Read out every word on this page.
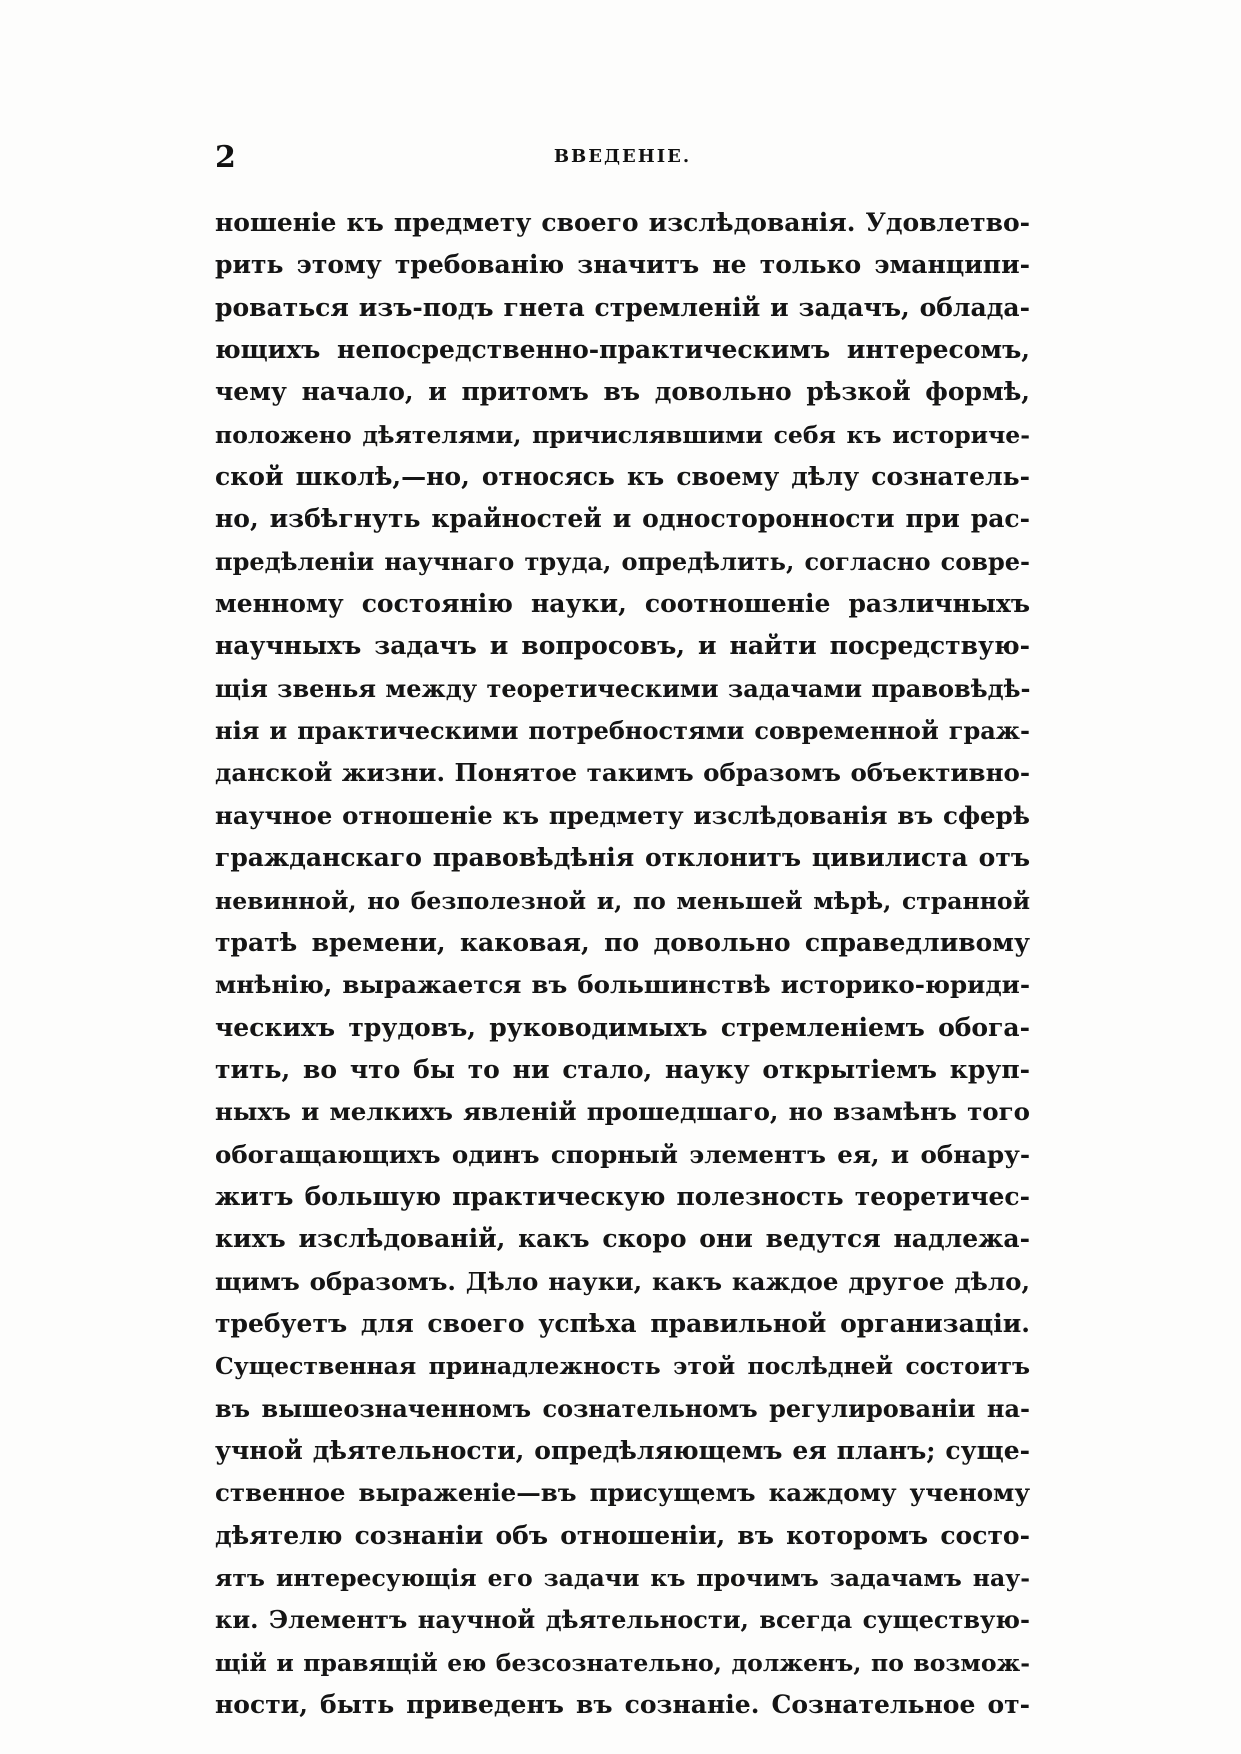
2	ВВЕДЕНІЕ.
ношеніе къ предмету своего изслѣдованія. Удовлетво-
рить этому требованію значитъ не только эманципи-
роваться изъ-подъ гнета стремленій и задачъ, облада-
ющихъ непосредственно-практическимъ интересомъ,
чему начало, и притомъ въ довольно рѣзкой формѣ,
положено дѣятелями, причислявшими себя къ историче-
ской школѣ,—но, относясь къ своему дѣлу сознатель-
но, избѣгнуть крайностей и односторонности при рас-
предѣленіи научнаго труда, опредѣлить, согласно совре-
менному состоянію науки, соотношеніе различныхъ
научныхъ задачъ и вопросовъ, и найти посредствую-
щія звенья между теоретическими задачами правовѣдѣ-
нія и практическими потребностями современной граж-
данской жизни. Понятое такимъ образомъ объективно-
научное отношеніе къ предмету изслѣдованія въ сферѣ
гражданскаго правовѣдѣнія отклонитъ цивилиста отъ
невинной, но безполезной и, по меньшей мѣрѣ, странной
тратѣ времени, каковая, по довольно справедливому
мнѣнію, выражается въ большинствѣ историко-юриди-
ческихъ трудовъ, руководимыхъ стремленіемъ обога-
тить, во что бы то ни стало, науку открытіемъ круп-
ныхъ и мелкихъ явленій прошедшаго, но взамѣнъ того
обогащающихъ одинъ спорный элементъ ея, и обнару-
житъ большую практическую полезность теоретичес-
кихъ изслѣдованій, какъ скоро они ведутся надлежа-
щимъ образомъ. Дѣло науки, какъ каждое другое дѣло,
требуетъ для своего успѣха правильной организаціи.
Существенная принадлежность этой послѣдней состоитъ
въ вышеозначенномъ сознательномъ регулированіи на-
учной дѣятельности, опредѣляющемъ ея планъ; суще-
ственное выраженіе—въ присущемъ каждому ученому
дѣятелю сознаніи объ отношеніи, въ которомъ состо-
ятъ интересующія его задачи къ прочимъ задачамъ нау-
ки. Элементъ научной дѣятельности, всегда существую-
щій и правящій ею безсознательно, долженъ, по возмож-
ности, быть приведенъ въ сознаніе. Сознательное от-
